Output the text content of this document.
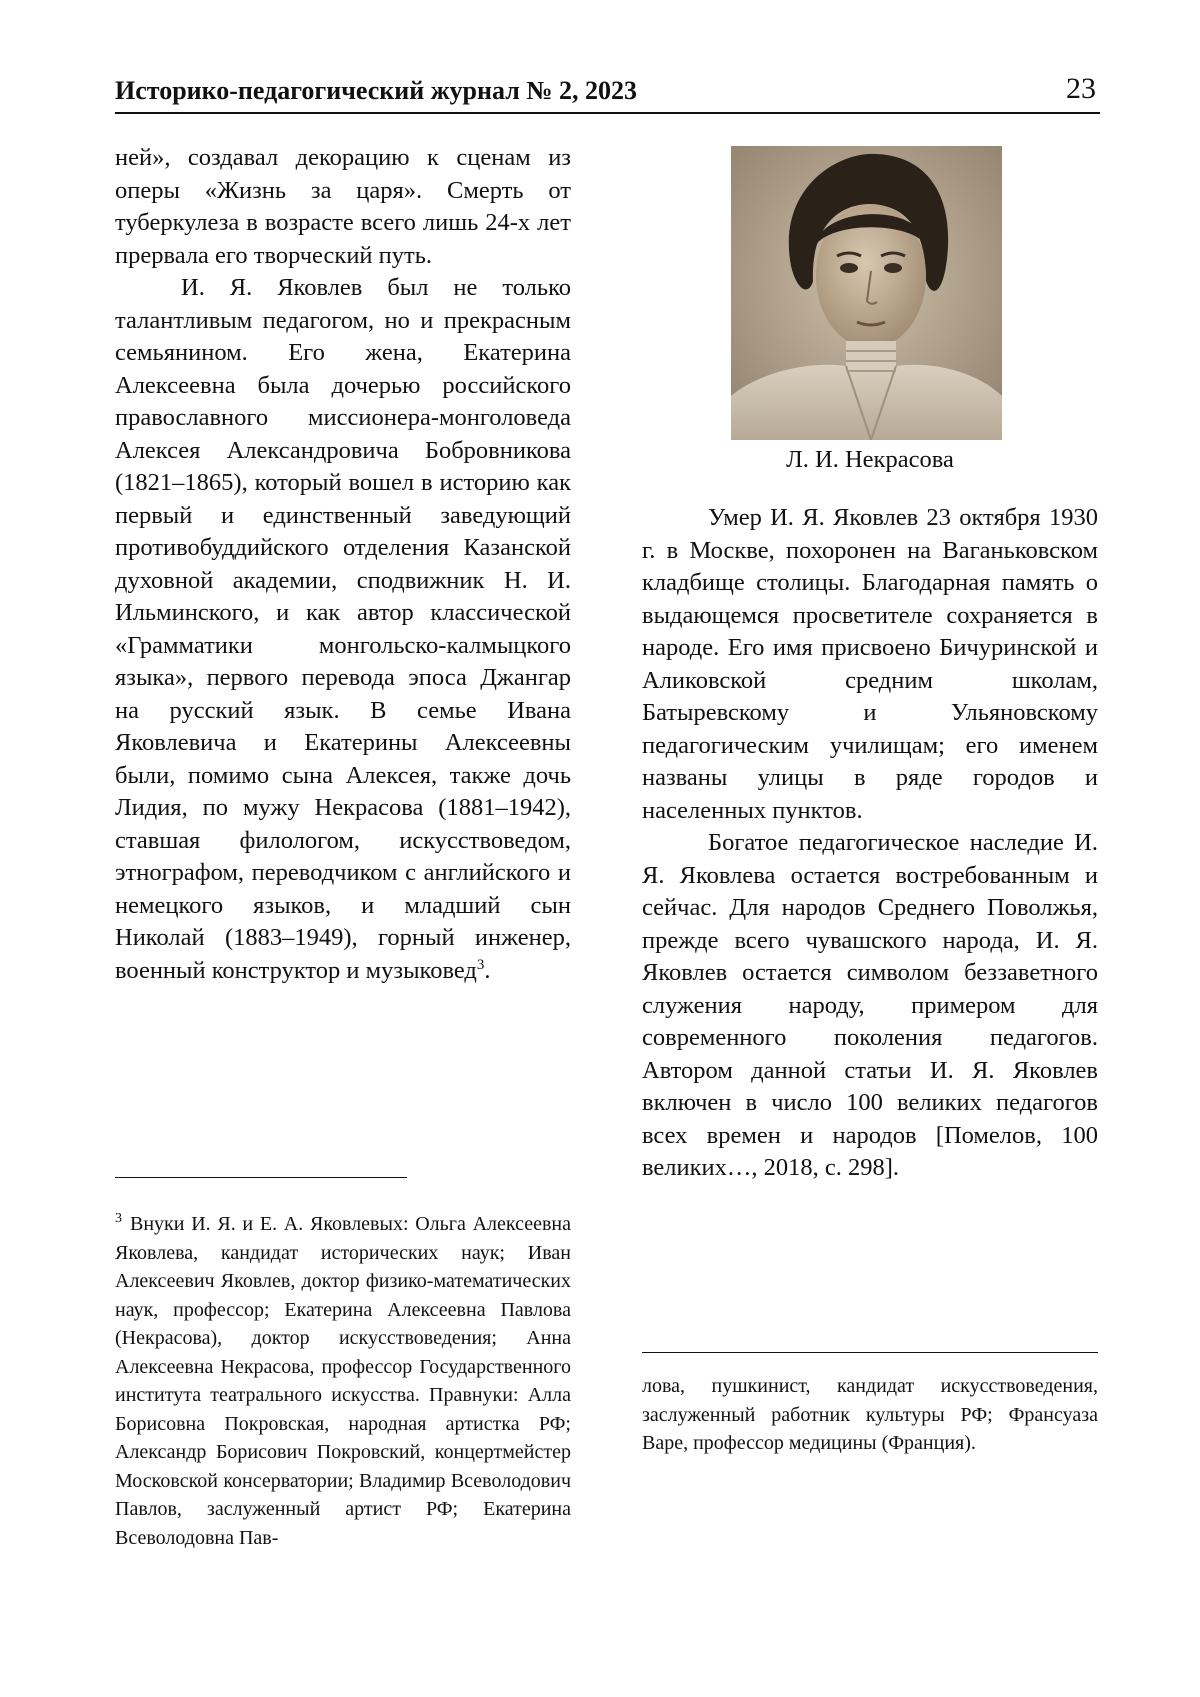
Историко-педагогический журнал № 2, 2023	23

ней», создавал декорацию к сценам из оперы «Жизнь за царя». Смерть от туберкулеза в возрасте всего лишь 24-х лет прервала его творческий путь.

И. Я. Яковлев был не только талантливым педагогом, но и прекрасным семьянином. Его жена, Екатерина Алексеевна была дочерью российского православного миссионера-монголоведа Алексея Александровича Бобровникова (1821–1865), который вошел в историю как первый и единственный заведующий противобуддийского отделения Казанской духовной академии, сподвижник Н. И. Ильминского, и как автор классической «Грамматики монгольско-калмыцкого языка», первого перевода эпоса Джангар на русский язык. В семье Ивана Яковлевича и Екатерины Алексеевны были, помимо сына Алексея, также дочь Лидия, по мужу Некрасова (1881–1942), ставшая филологом, искусствоведом, этнографом, переводчиком с английского и немецкого языков, и младший сын Николай (1883–1949), горный инженер, военный конструктор и музыковед$^3$.

Л. И. Некрасова

Умер И. Я. Яковлев 23 октября 1930 г. в Москве, похоронен на Ваганьковском кладбище столицы. Благодарная память о выдающемся просветителе сохраняется в народе. Его имя присвоено Бичуринской и Аликовской средним школам, Батыревскому и Ульяновскому педагогическим училищам; его именем названы улицы в ряде городов и населенных пунктов.

Богатое педагогическое наследие И. Я. Яковлева остается востребованным и сейчас. Для народов Среднего Поволжья, прежде всего чувашского народа, И. Я. Яковлев остается символом беззаветного служения народу, примером для современного поколения педагогов. Автором данной статьи И. Я. Яковлев включен в число 100 великих педагогов всех времен и народов [Помелов, 100 великих…, 2018, с. 298].

$^3$ Внуки И. Я. и Е. А. Яковлевых: Ольга Алексеевна Яковлева, кандидат исторических наук; Иван Алексеевич Яковлев, доктор физико-математических наук, профессор; Екатерина Алексеевна Павлова (Некрасова), доктор искусствоведения; Анна Алексеевна Некрасова, профессор Государственного института театрального искусства. Правнуки: Алла Борисовна Покровская, народная артистка РФ; Александр Борисович Покровский, концертмейстер Московской консерватории; Владимир Всеволодович Павлов, заслуженный артист РФ; Екатерина Всеволодовна Пав-

лова, пушкинист, кандидат искусствоведения, заслуженный работник культуры РФ; Франсуаза Варе, профессор медицины (Франция).
